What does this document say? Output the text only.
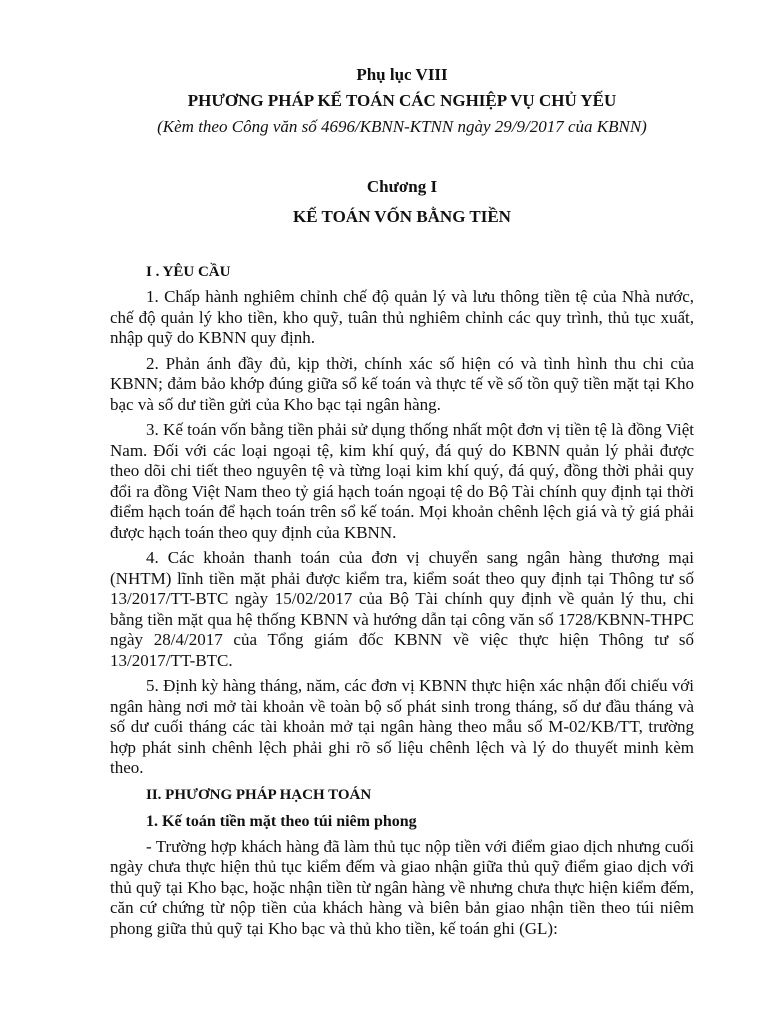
Phụ lục VIII

PHƯƠNG PHÁP KẾ TOÁN CÁC NGHIỆP VỤ CHỦ YẾU

(Kèm theo Công văn số 4696/KBNN-KTNN ngày 29/9/2017 của KBNN)

Chương I

KẾ TOÁN VỐN BẰNG TIỀN

I . YÊU CẦU

1. Chấp hành nghiêm chỉnh chế độ quản lý và lưu thông tiền tệ của Nhà nước, chế độ quản lý kho tiền, kho quỹ, tuân thủ nghiêm chỉnh các quy trình, thủ tục xuất, nhập quỹ do KBNN quy định.

2. Phản ánh đầy đủ, kịp thời, chính xác số hiện có và tình hình thu chi của KBNN; đảm bảo khớp đúng giữa sổ kế toán và thực tế về số tồn quỹ tiền mặt tại Kho bạc và số dư tiền gửi của Kho bạc tại ngân hàng.

3. Kế toán vốn bằng tiền phải sử dụng thống nhất một đơn vị tiền tệ là đồng Việt Nam. Đối với các loại ngoại tệ, kim khí quý, đá quý do KBNN quản lý phải được theo dõi chi tiết theo nguyên tệ và từng loại kim khí quý, đá quý, đồng thời phải quy đổi ra đồng Việt Nam theo tỷ giá hạch toán ngoại tệ do Bộ Tài chính quy định tại thời điểm hạch toán để hạch toán trên sổ kế toán. Mọi khoản chênh lệch giá và tỷ giá phải được hạch toán theo quy định của KBNN.

4. Các khoản thanh toán của đơn vị chuyển sang ngân hàng thương mại (NHTM) lĩnh tiền mặt phải được kiểm tra, kiểm soát theo quy định tại Thông tư số 13/2017/TT-BTC ngày 15/02/2017 của Bộ Tài chính quy định về quản lý thu, chi bằng tiền mặt qua hệ thống KBNN và hướng dẫn tại công văn số 1728/KBNN-THPC ngày 28/4/2017 của Tổng giám đốc KBNN về việc thực hiện Thông tư số 13/2017/TT-BTC.

5. Định kỳ hàng tháng, năm, các đơn vị KBNN thực hiện xác nhận đối chiếu với ngân hàng nơi mở tài khoản về toàn bộ số phát sinh trong tháng, số dư đầu tháng và số dư cuối tháng các tài khoản mở tại ngân hàng theo mẫu số M-02/KB/TT, trường hợp phát sinh chênh lệch phải ghi rõ số liệu chênh lệch và lý do thuyết minh kèm theo.

II. PHƯƠNG PHÁP HẠCH TOÁN

1. Kế toán tiền mặt theo túi niêm phong

- Trường hợp khách hàng đã làm thủ tục nộp tiền với điểm giao dịch nhưng cuối ngày chưa thực hiện thủ tục kiểm đếm và giao nhận giữa thủ quỹ điểm giao dịch với thủ quỹ tại Kho bạc, hoặc nhận tiền từ ngân hàng về nhưng chưa thực hiện kiểm đếm, căn cứ chứng từ nộp tiền của khách hàng và biên bản giao nhận tiền theo túi niêm phong giữa thủ quỹ tại Kho bạc và thủ kho tiền, kế toán ghi (GL):
